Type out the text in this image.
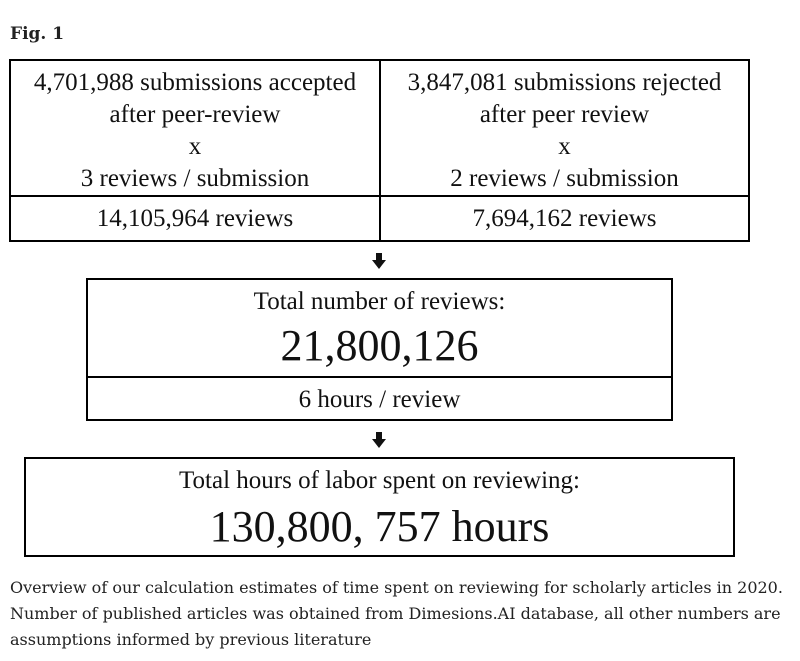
Fig. 1
4,701,988 submissions accepted
after peer-review
x
3 reviews / submission
3,847,081 submissions rejected
after peer review
x
2 reviews / submission
14,105,964 reviews	7,694,162 reviews
Total number of reviews:
21,800,126
6 hours / review
Total hours of labor spent on reviewing:
130,800, 757 hours
Overview of our calculation estimates of time spent on reviewing for scholarly articles in 2020.
Number of published articles was obtained from Dimesions.AI database, all other numbers are
assumptions informed by previous literature
